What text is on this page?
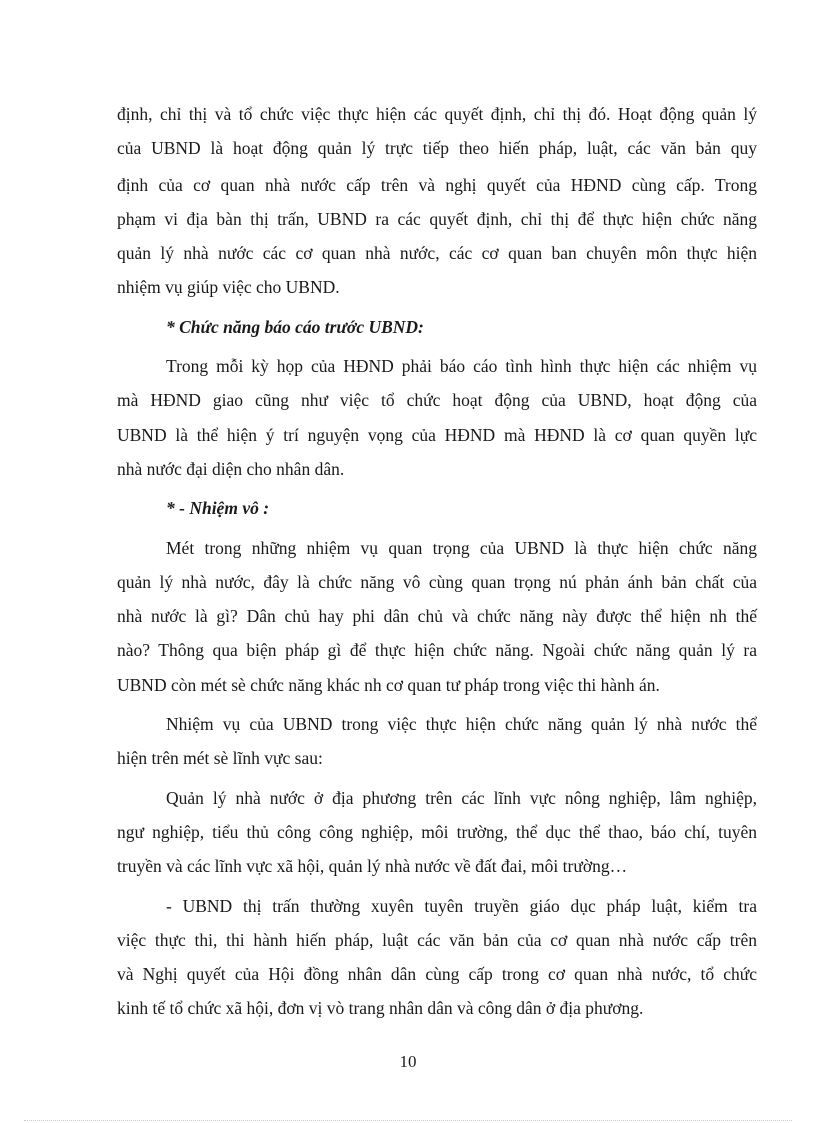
định, chỉ thị và tổ chức việc thực hiện các quyết định, chỉ thị đó. Hoạt động quản lý
của UBND là hoạt động quản lý trực tiếp theo hiến pháp, luật, các văn bản quy
định của cơ quan nhà nước cấp trên và nghị quyết của HĐND cùng cấp. Trong
phạm vi địa bàn thị trấn, UBND ra các quyết định, chỉ thị để thực hiện chức năng
quản lý nhà nước các cơ quan nhà nước, các cơ quan ban chuyên môn thực hiện
nhiệm vụ giúp việc cho UBND.
* Chức năng báo cáo trước UBND:
Trong mỗi kỳ họp của HĐND phải báo cáo tình hình thực hiện các nhiệm vụ
mà HĐND giao cũng như việc tổ chức hoạt động của UBND, hoạt động của
UBND là thể hiện ý trí nguyện vọng của HĐND mà HĐND là cơ quan quyền lực
nhà nước đại diện cho nhân dân.
* - Nhiệm vô :
Mét trong những nhiệm vụ quan trọng của UBND là thực hiện chức năng
quản lý nhà nước, đây là chức năng vô cùng quan trọng nú phản ánh bản chất của
nhà nước là gì? Dân chủ hay phi dân chủ và chức năng này được thể hiện nh thế
nào? Thông qua biện pháp gì để thực hiện chức năng. Ngoài chức năng quản lý ra
UBND còn mét sè chức năng khác nh cơ quan tư pháp trong việc thi hành án.
Nhiệm vụ của UBND trong việc thực hiện chức năng quản lý nhà nước thể
hiện trên mét sè lĩnh vực sau:
Quản lý nhà nước ở địa phương trên các lĩnh vực nông nghiệp, lâm nghiệp,
ngư nghiệp, tiểu thủ công công nghiệp, môi trường, thể dục thể thao, báo chí, tuyên
truyền và các lĩnh vực xã hội, quản lý nhà nước về đất đai, môi trường…
- UBND thị trấn thường xuyên tuyên truyền giáo dục pháp luật, kiểm tra
việc thực thi, thi hành hiến pháp, luật các văn bản của cơ quan nhà nước cấp trên
và Nghị quyết của Hội đồng nhân dân cùng cấp trong cơ quan nhà nước, tổ chức
kinh tế tổ chức xã hội, đơn vị vò trang nhân dân và công dân ở địa phương.
10
